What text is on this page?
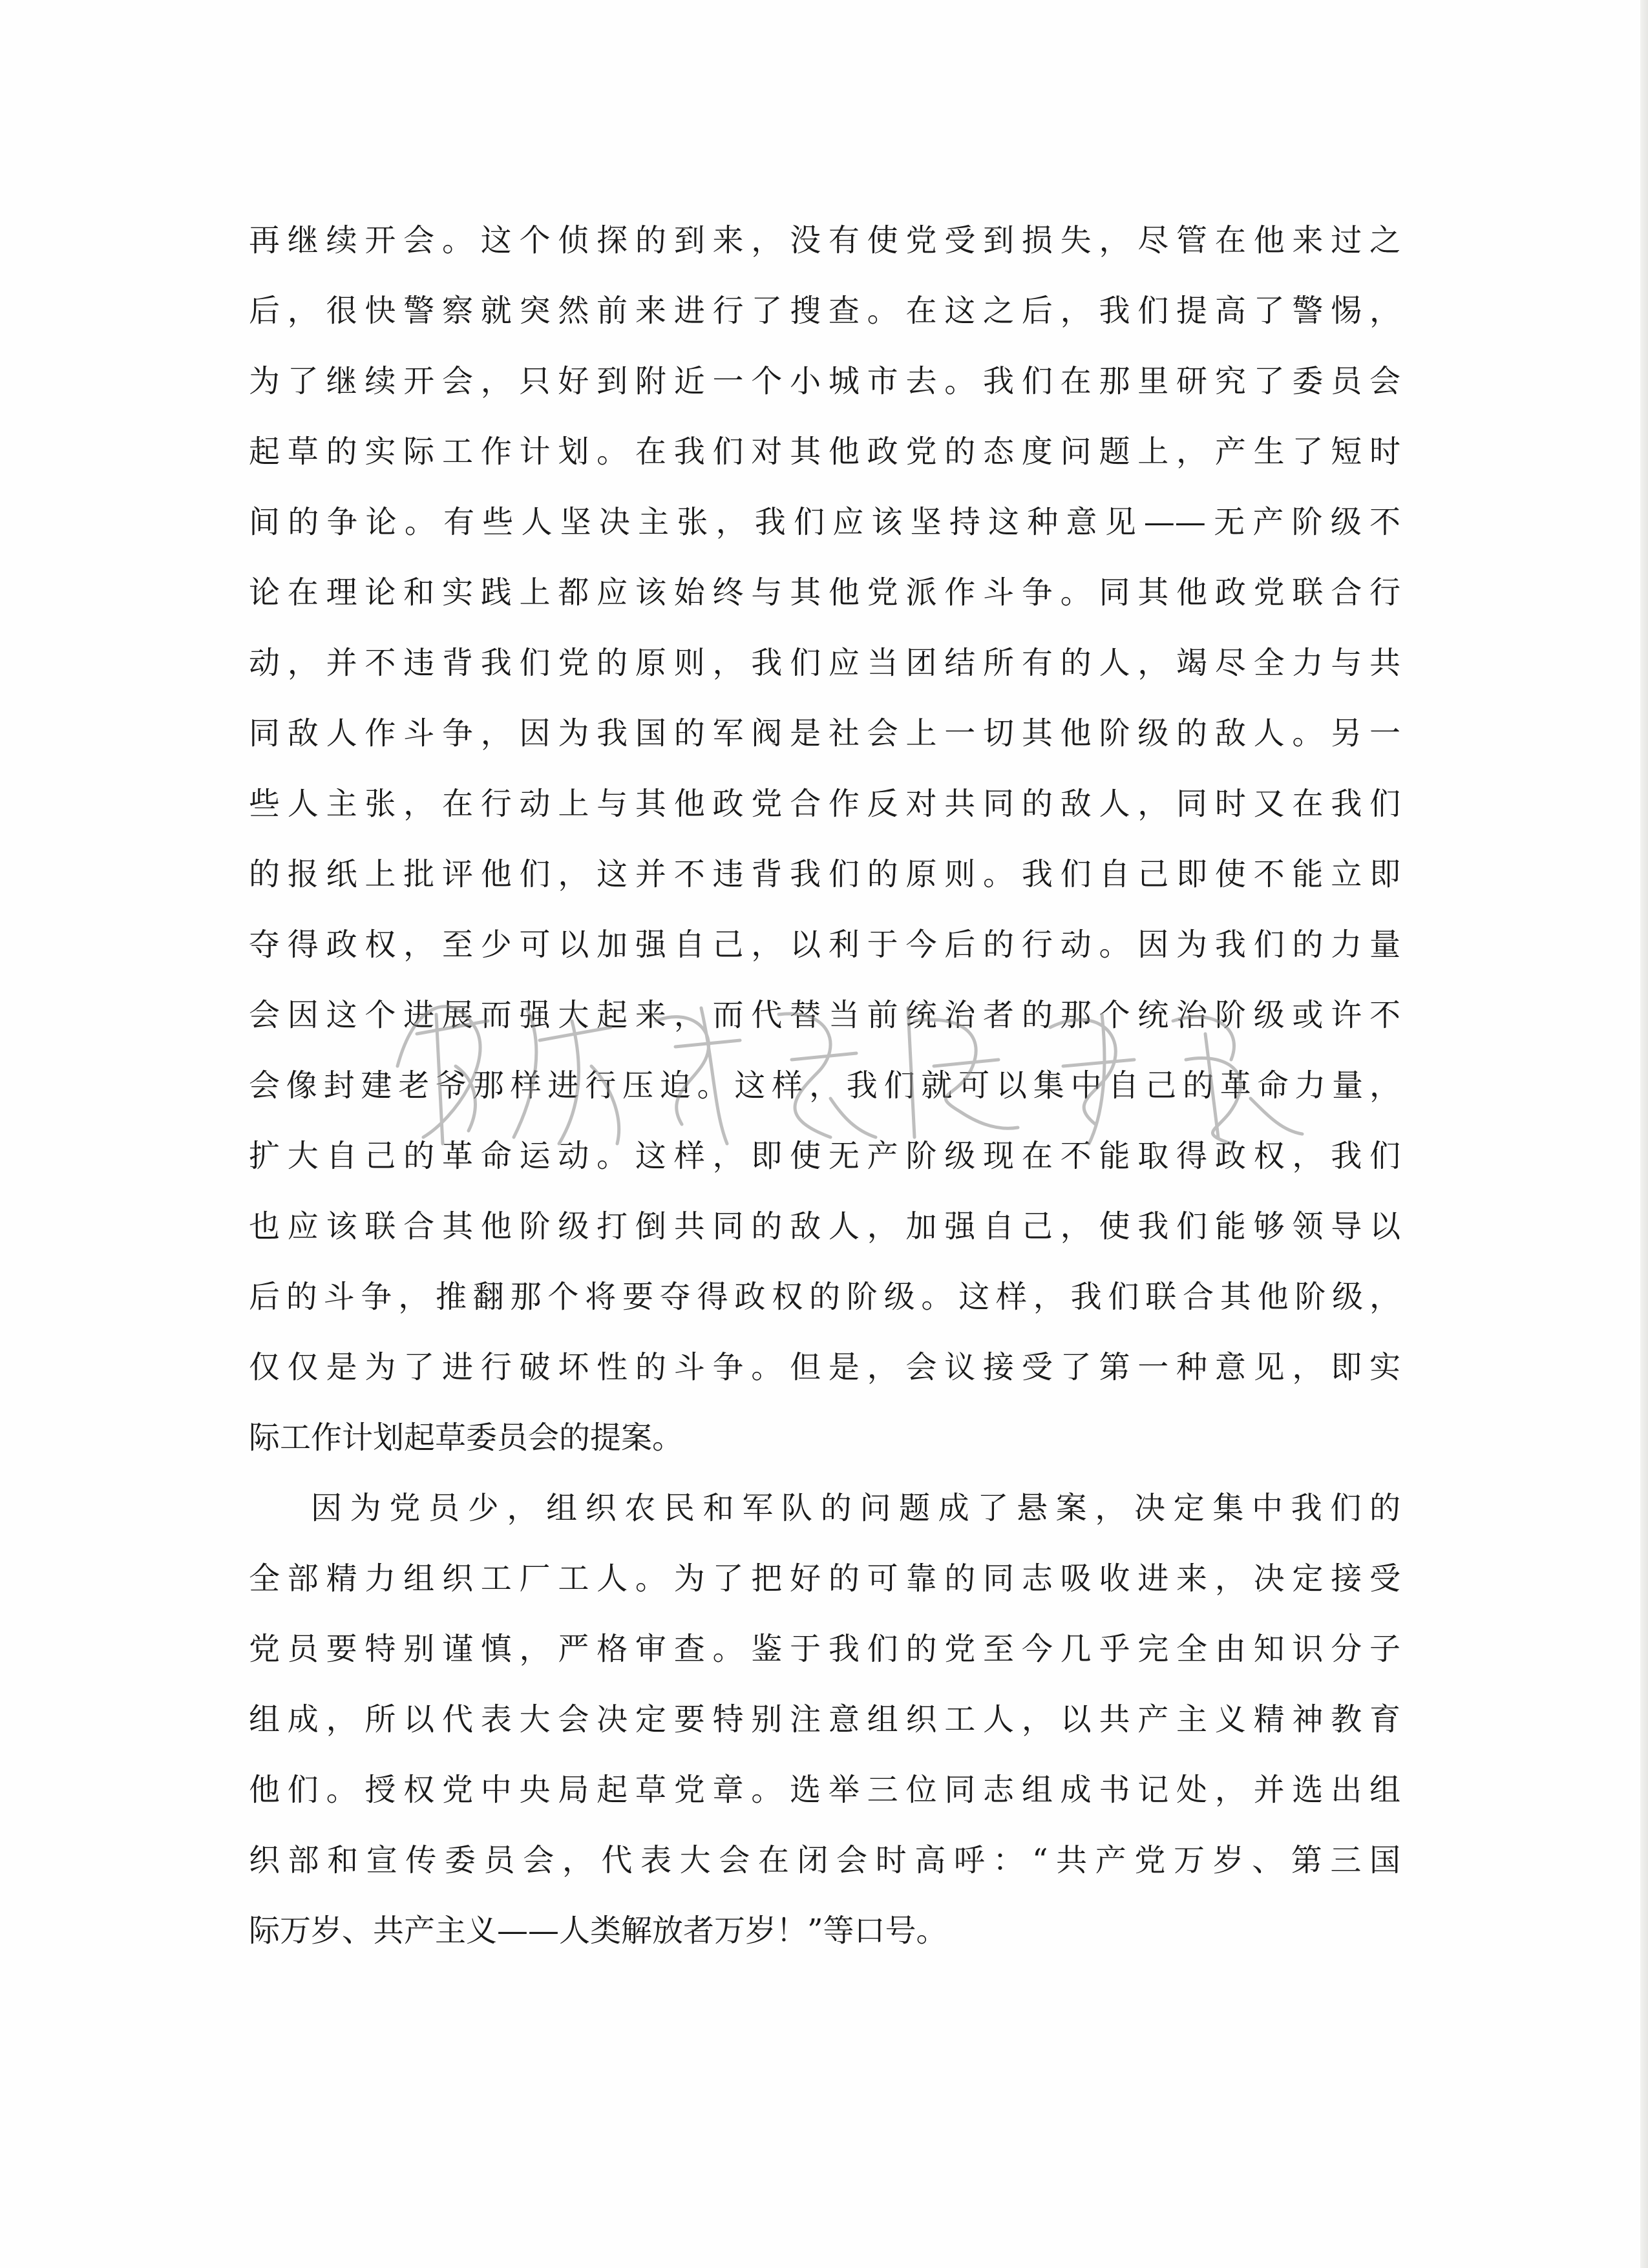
再继续开会。这个侦探的到来，没有使党受到损失，尽管在他来过之
后，很快警察就突然前来进行了搜查。在这之后，我们提高了警惕，
为了继续开会，只好到附近一个小城市去。我们在那里研究了委员会
起草的实际工作计划。在我们对其他政党的态度问题上，产生了短时
间的争论。有些人坚决主张，我们应该坚持这种意见——无产阶级不
论在理论和实践上都应该始终与其他党派作斗争。同其他政党联合行
动，并不违背我们党的原则，我们应当团结所有的人，竭尽全力与共
同敌人作斗争，因为我国的军阀是社会上一切其他阶级的敌人。另一
些人主张，在行动上与其他政党合作反对共同的敌人，同时又在我们
的报纸上批评他们，这并不违背我们的原则。我们自己即使不能立即
夺得政权，至少可以加强自己，以利于今后的行动。因为我们的力量
会因这个进展而强大起来，而代替当前统治者的那个统治阶级或许不
会像封建老爷那样进行压迫。这样，我们就可以集中自己的革命力量，
扩大自己的革命运动。这样，即使无产阶级现在不能取得政权，我们
也应该联合其他阶级打倒共同的敌人，加强自己，使我们能够领导以
后的斗争，推翻那个将要夺得政权的阶级。这样，我们联合其他阶级，
仅仅是为了进行破坏性的斗争。但是，会议接受了第一种意见，即实
际工作计划起草委员会的提案。
因为党员少，组织农民和军队的问题成了悬案，决定集中我们的
全部精力组织工厂工人。为了把好的可靠的同志吸收进来，决定接受
党员要特别谨慎，严格审查。鉴于我们的党至今几乎完全由知识分子
组成，所以代表大会决定要特别注意组织工人，以共产主义精神教育
他们。授权党中央局起草党章。选举三位同志组成书记处，并选出组
织部和宣传委员会，代表大会在闭会时高呼：“共产党万岁、第三国
际万岁、共产主义——人类解放者万岁！”等口号。
